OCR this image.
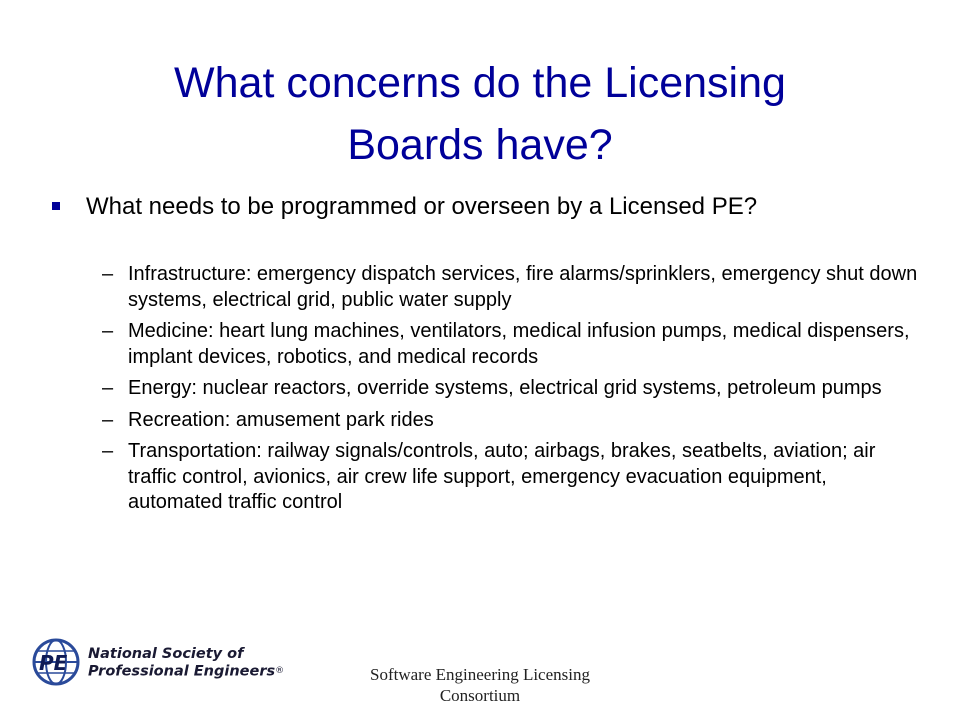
What concerns do the Licensing
Boards have?
What needs to be programmed or overseen by a Licensed PE?
– Infrastructure: emergency dispatch services, fire alarms/sprinklers, emergency shut down systems, electrical grid, public water supply
– Medicine: heart lung machines, ventilators, medical infusion pumps, medical dispensers, implant devices, robotics, and medical records
– Energy: nuclear reactors, override systems, electrical grid systems, petroleum pumps
– Recreation: amusement park rides
– Transportation: railway signals/controls, auto; airbags, brakes, seatbelts, aviation; air traffic control, avionics, air crew life support, emergency evacuation equipment, automated traffic control
PE National Society of
Professional Engineers®	Software Engineering Licensing
Consortium
